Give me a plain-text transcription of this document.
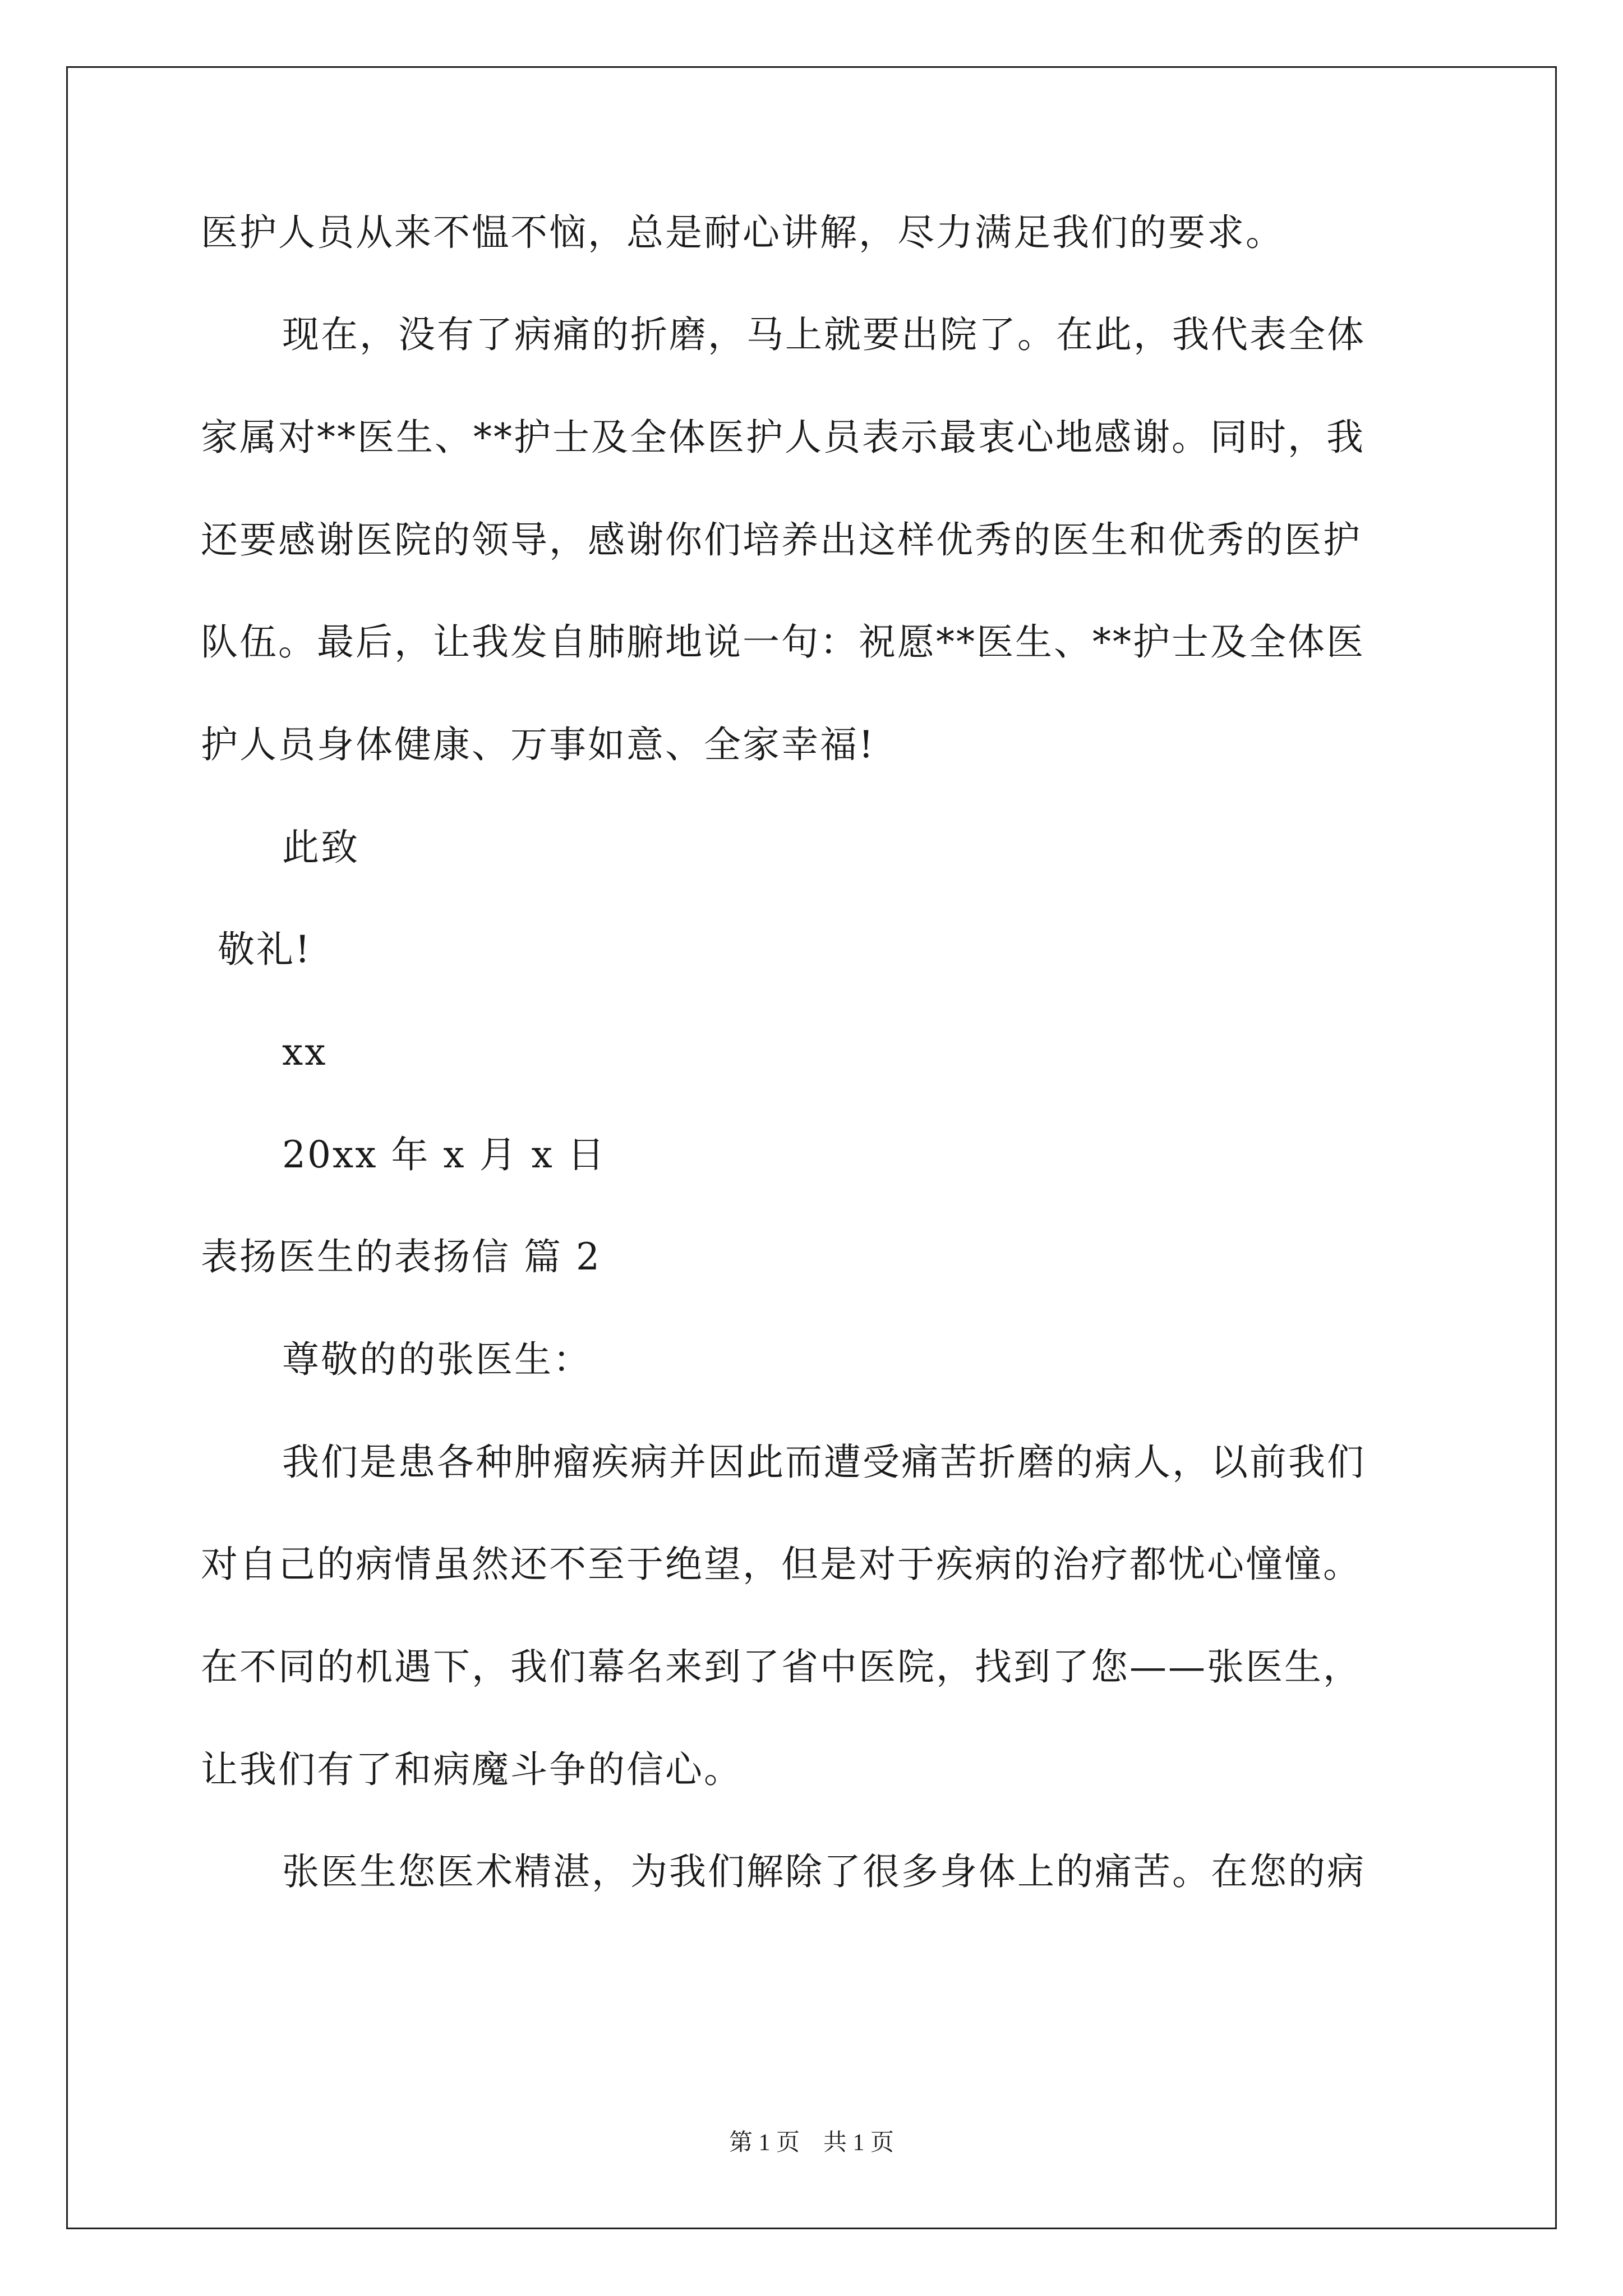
医护人员从来不愠不恼，总是耐心讲解，尽力满足我们的要求。
现在，没有了病痛的折磨，马上就要出院了。在此，我代表全体
家属对**医生、**护士及全体医护人员表示最衷心地感谢。同时，我
还要感谢医院的领导，感谢你们培养出这样优秀的医生和优秀的医护
队伍。最后，让我发自肺腑地说一句：祝愿**医生、**护士及全体医
护人员身体健康、万事如意、全家幸福!
此致
敬礼!
xx
20xx 年 x 月 x 日
表扬医生的表扬信 篇 2
尊敬的的张医生：
我们是患各种肿瘤疾病并因此而遭受痛苦折磨的病人，以前我们
对自己的病情虽然还不至于绝望，但是对于疾病的治疗都忧心憧憧。
在不同的机遇下，我们幕名来到了省中医院，找到了您——张医生，
让我们有了和病魔斗争的信心。
张医生您医术精湛，为我们解除了很多身体上的痛苦。在您的病
第 1 页 共 1 页
